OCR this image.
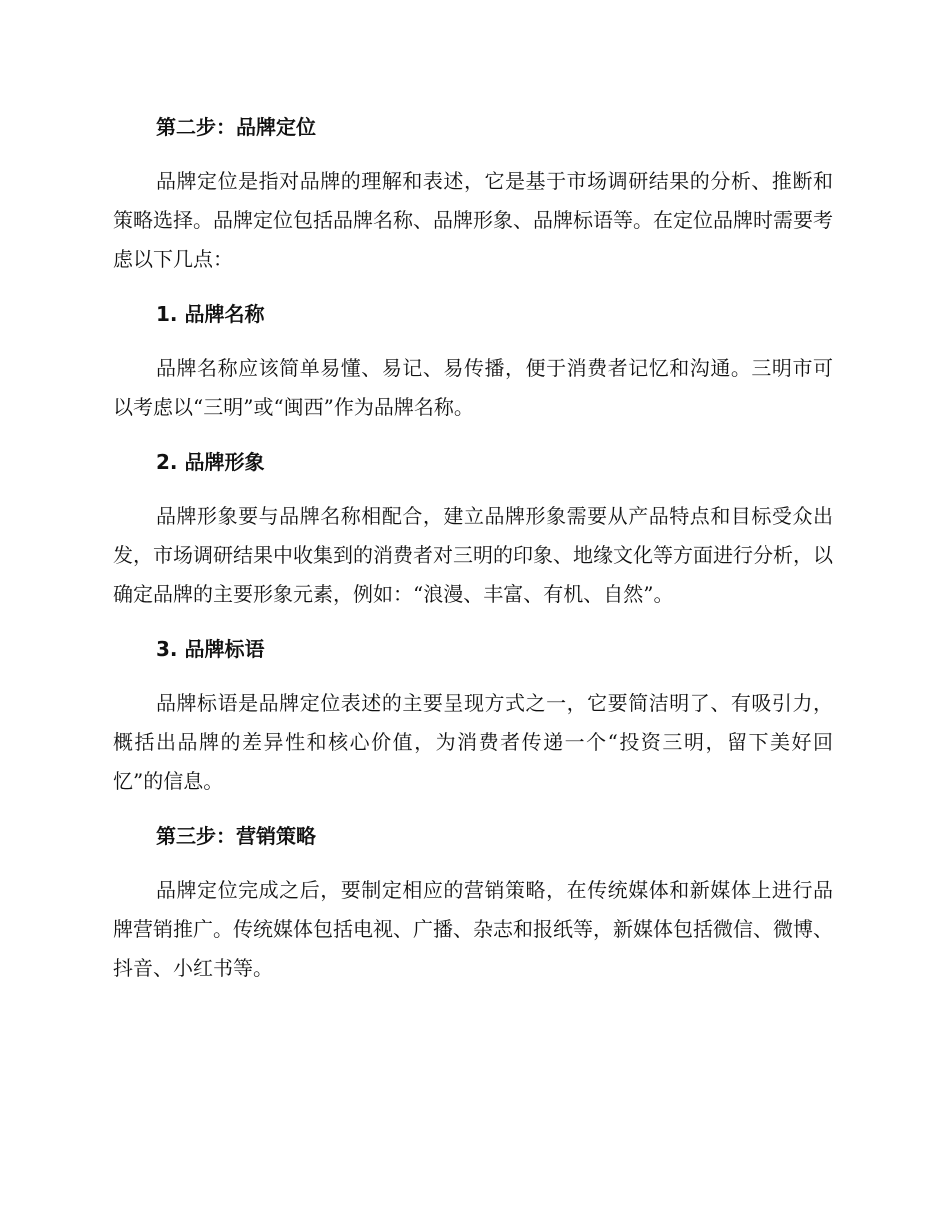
第二步：品牌定位

品牌定位是指对品牌的理解和表述，它是基于市场调研结果的分析、推断和策略选择。品牌定位包括品牌名称、品牌形象、品牌标语等。在定位品牌时需要考虑以下几点：

1. 品牌名称

品牌名称应该简单易懂、易记、易传播，便于消费者记忆和沟通。三明市可以考虑以“三明”或“闽西”作为品牌名称。

2. 品牌形象

品牌形象要与品牌名称相配合，建立品牌形象需要从产品特点和目标受众出发，市场调研结果中收集到的消费者对三明的印象、地缘文化等方面进行分析，以确定品牌的主要形象元素，例如：“浪漫、丰富、有机、自然”。

3. 品牌标语

品牌标语是品牌定位表述的主要呈现方式之一，它要简洁明了、有吸引力，概括出品牌的差异性和核心价值，为消费者传递一个“投资三明，留下美好回忆”的信息。

第三步：营销策略

品牌定位完成之后，要制定相应的营销策略，在传统媒体和新媒体上进行品牌营销推广。传统媒体包括电视、广播、杂志和报纸等，新媒体包括微信、微博、抖音、小红书等。
